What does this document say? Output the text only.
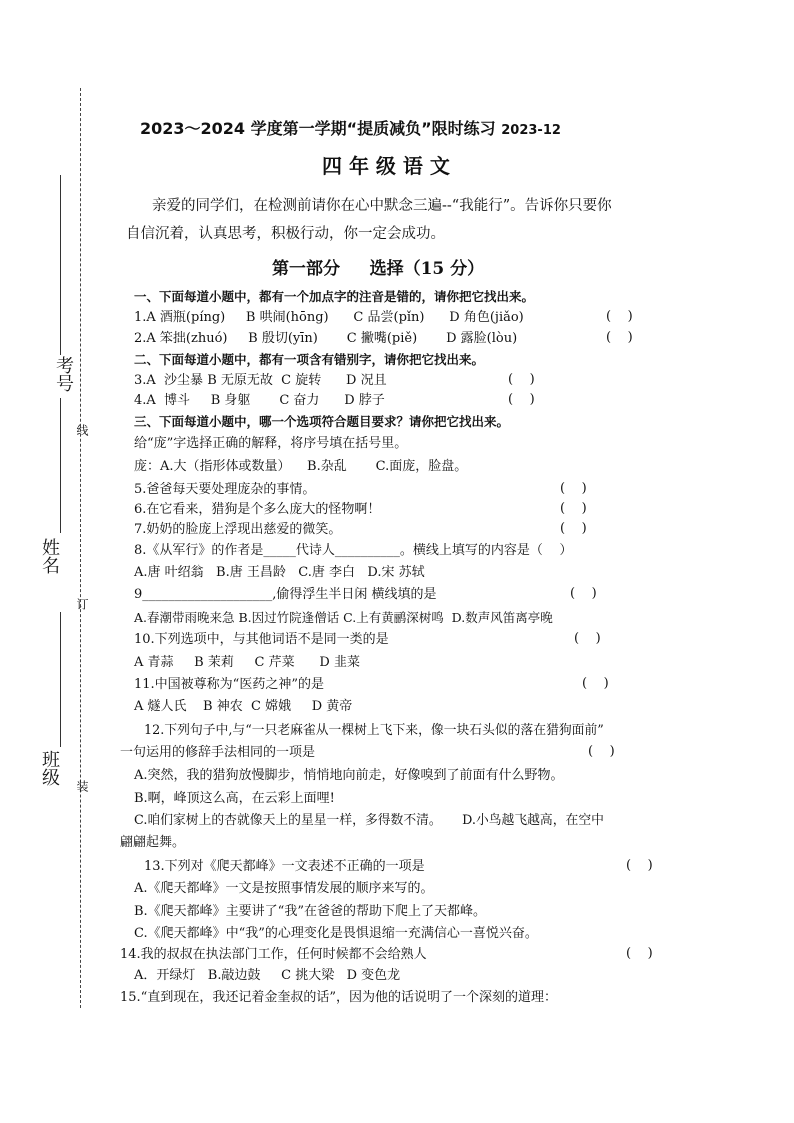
线
订
装
考号
姓名
班级
2023～2024 学度第一学期“提质减负”限时练习 2023-12
四 年 级 语 文
亲爱的同学们，在检测前请你在心中默念三遍--“我能行”。告诉你只要你
自信沉着，认真思考，积极行动，你一定会成功。
第一部分     选择（15 分）
一、下面每道小题中，都有一个加点字的注音是错的，请你把它找出来。
1.A 酒瓶(píng)     B 哄闹(hōng)      C 品尝(pǐn)      D 角色(jiǎo)	(    )
2.A 笨拙(zhuó)     B 殷切(yīn)       C 撇嘴(piě)       D 露脸(lòu)	(    )
二、下面每道小题中，都有一项含有错别字，请你把它找出来。
3.A  沙尘暴 B 无原无故  C 旋转      D 况且	(    )
4.A  博斗     B 身躯       C 奋力      D 脖子	(    )
三、下面每道小题中，哪一个选项符合题目要求？请你把它找出来。
给“庞”字选择正确的解释，将序号填在括号里。
庞：A.大（指形体或数量）    B.杂乱       C.面庞，脸盘。
5.爸爸每天要处理庞杂的事情。	(    )
6.在它看来，猎狗是个多么庞大的怪物啊！	(    )
7.奶奶的脸庞上浮现出慈爱的微笑。	(    )
8.《从军行》的作者是_____代诗人__________。横线上填写的内容是（    ）
A.唐 叶绍翁   B.唐 王昌龄   C.唐 李白   D.宋 苏轼
9____________________,偷得浮生半日闲 横线填的是	(    )
A.春潮带雨晚来急 B.因过竹院逢僧话 C.上有黄鹂深树鸣  D.数声风笛离亭晚
10.下列选项中，与其他词语不是同一类的是	(    )
A 青蒜     B 茉莉     C 芹菜      D 韭菜
11.中国被尊称为“医药之神”的是	(    )
A 燧人氏    B 神农  C 嫦娥     D 黄帝
12.下列句子中,与“一只老麻雀从一棵树上飞下来，像一块石头似的落在猎狗面前”
一句运用的修辞手法相同的一项是	(    )
A.突然，我的猎狗放慢脚步，悄悄地向前走，好像嗅到了前面有什么野物。
B.啊，峰顶这么高，在云彩上面哩!
C.咱们家树上的杏就像天上的星星一样，多得数不清。     D.小鸟越飞越高，在空中
翩翩起舞。
13.下列对《爬天都峰》一文表述不正确的一项是	(    )
A.《爬天都峰》一文是按照事情发展的顺序来写的。
B.《爬天都峰》主要讲了“我”在爸爸的帮助下爬上了天都峰。
C.《爬天都峰》中“我”的心理变化是畏惧退缩一充满信心一喜悦兴奋。
14.我的叔叔在执法部门工作，任何时候都不会给熟人	(    )
A．开绿灯   B.敲边鼓     C 挑大梁   D 变色龙
15.“直到现在，我还记着金奎叔的话”，因为他的话说明了一个深刻的道理：
